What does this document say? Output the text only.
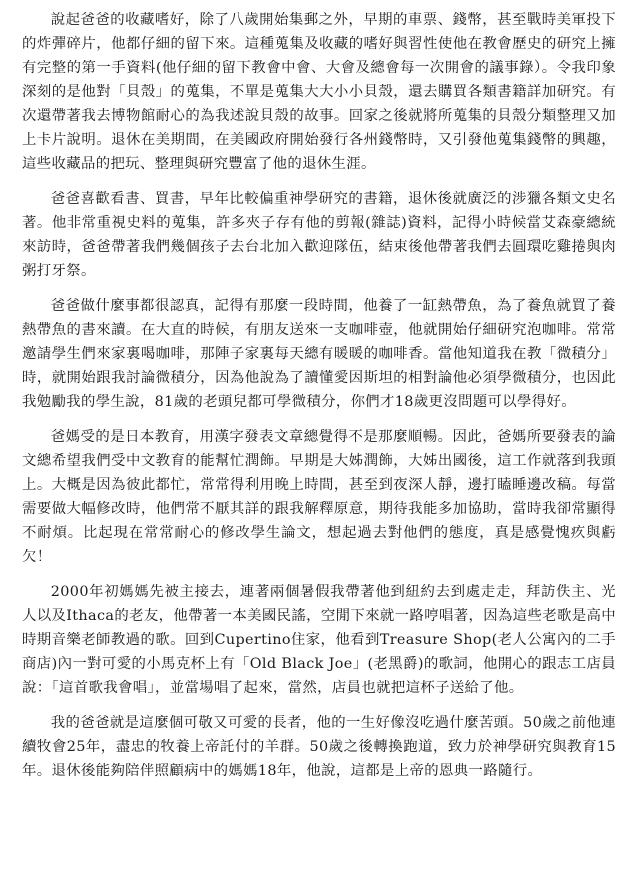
說起爸爸的收藏嗜好，除了八歲開始集郵之外，早期的車票、錢幣，甚至戰時美軍投下的炸彈碎片，他都仔細的留下來。這種蒐集及收藏的嗜好與習性使他在教會歷史的研究上擁有完整的第一手資料(他仔細的留下教會中會、大會及總會每一次開會的議事錄）。令我印象深刻的是他對「貝殼」的蒐集，不單是蒐集大大小小貝殼，還去購買各類書籍詳加研究。有次還帶著我去博物館耐心的為我述說貝殼的故事。回家之後就將所蒐集的貝殼分類整理又加上卡片說明。退休在美期間，在美國政府開始發行各州錢幣時，又引發他蒐集錢幣的興趣，這些收藏品的把玩、整理與研究豐富了他的退休生涯。

爸爸喜歡看書、買書，早年比較偏重神學研究的書籍，退休後就廣泛的涉獵各類文史名著。他非常重視史料的蒐集，許多夾子存有他的剪報(雜誌)資料，記得小時候當艾森豪總統來訪時，爸爸帶著我們幾個孩子去台北加入歡迎隊伍，結束後他帶著我們去圓環吃雞捲與肉粥打牙祭。

爸爸做什麼事都很認真，記得有那麼一段時間，他養了一缸熱帶魚，為了養魚就買了養熱帶魚的書來讀。在大直的時候，有朋友送來一支咖啡壺，他就開始仔細研究泡咖啡。常常邀請學生們來家裏喝咖啡，那陣子家裏每天總有暖暖的咖啡香。當他知道我在教「微積分」時，就開始跟我討論微積分，因為他說為了讀懂愛因斯坦的相對論他必須學微積分，也因此我勉勵我的學生說，81歲的老頭兒都可學微積分，你們才18歲更沒問題可以學得好。

爸媽受的是日本教育，用漢字發表文章總覺得不是那麼順暢。因此，爸媽所要發表的論文總希望我們受中文教育的能幫忙潤飾。早期是大姊潤飾，大姊出國後，這工作就落到我頭上。大概是因為彼此都忙，常常得利用晚上時間，甚至到夜深人靜，邊打瞌睡邊改稿。每當需要做大幅修改時，他們常不厭其詳的跟我解釋原意，期待我能多加協助，當時我卻常顯得不耐煩。比起現在常常耐心的修改學生論文，想起過去對他們的態度，真是感覺愧疚與虧欠！

2000年初媽媽先被主接去，連著兩個暑假我帶著他到紐約去到處走走，拜訪佚主、光人以及Ithaca的老友，他帶著一本美國民謠，空閒下來就一路哼唱著，因為這些老歌是高中時期音樂老師教過的歌。回到Cupertino住家，他看到Treasure Shop(老人公寓內的二手商店)內一對可愛的小馬克杯上有「Old Black Joe」(老黑爵)的歌詞，他開心的跟志工店員說：「這首歌我會唱」，並當場唱了起來，當然，店員也就把這杯子送給了他。

我的爸爸就是這麼個可敬又可愛的長者，他的一生好像沒吃過什麼苦頭。50歲之前他連續牧會25年，盡忠的牧養上帝託付的羊群。50歲之後轉換跑道，致力於神學研究與教育15年。退休後能夠陪伴照顧病中的媽媽18年，他說，這都是上帝的恩典一路隨行。
